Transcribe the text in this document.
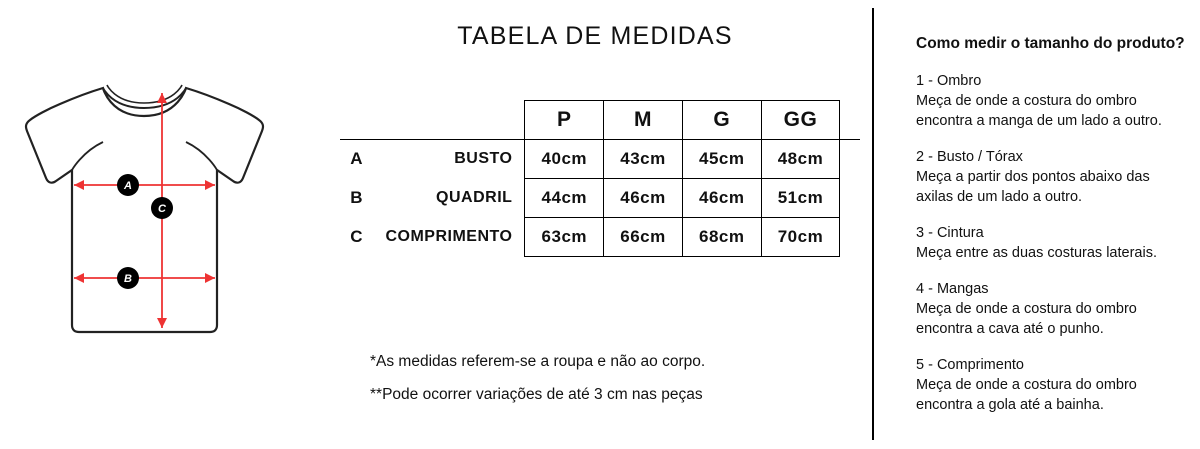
A
B
C
TABELA DE MEDIDAS
		P	M	G	GG	
A	BUSTO	40cm	43cm	45cm	48cm	
B	QUADRIL	44cm	46cm	46cm	51cm	
C	COMPRIMENTO	63cm	66cm	68cm	70cm	
*As medidas referem-se a roupa e não ao corpo.
**Pode ocorrer variações de até 3 cm nas peças
Como medir o tamanho do produto?
1 - Ombro
Meça de onde a costura do ombro encontra a manga de um lado a outro.
2 - Busto / Tórax
Meça a partir dos pontos abaixo das axilas de um lado a outro.
3 - Cintura
Meça entre as duas costuras laterais.
4 - Mangas
Meça de onde a costura do ombro encontra a cava até o punho.
5 - Comprimento
Meça de onde a costura do ombro encontra a gola até a bainha.
